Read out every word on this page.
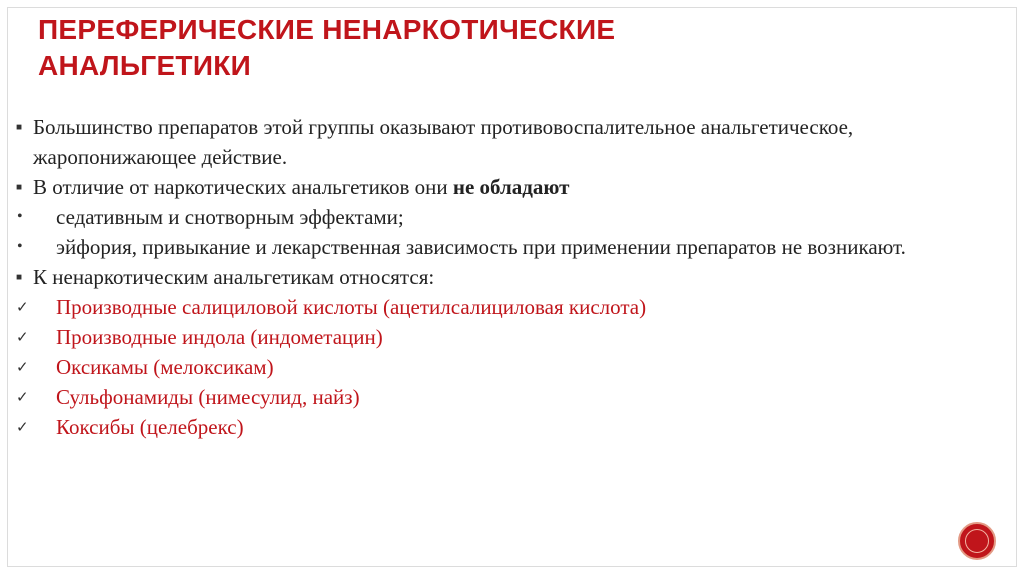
ПЕРЕФЕРИЧЕСКИЕ НЕНАРКОТИЧЕСКИЕ
АНАЛЬГЕТИКИ
■ Большинство препаратов этой группы оказывают противовоспалительное анальгетическое, жаропонижающее действие.
■ В отличие от наркотических анальгетиков они не обладают
• седативным и снотворным эффектами;
• эйфория, привыкание и лекарственная зависимость при применении препаратов не возникают.
■ К ненаркотическим анальгетикам относятся:
✓ Производные салициловой кислоты (ацетилсалициловая кислота)
✓ Производные индола (индометацин)
✓ Оксикамы (мелоксикам)
✓ Сульфонамиды (нимесулид, найз)
✓ Коксибы (целебрекс)
